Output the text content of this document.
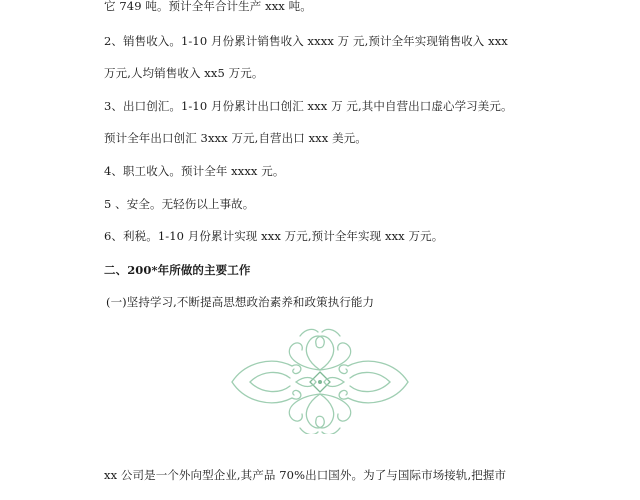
它 749 吨。预计全年合计生产 xxx 吨。
2、销售收入。1-10 月份累计销售收入 xxxx 万 元,预计全年实现销售收入 xxx
万元,人均销售收入 xx5 万元。
3、出口创汇。1-10 月份累计出口创汇 xxx 万 元,其中自营出口虚心学习美元。
预计全年出口创汇 3xxx 万元,自营出口 xxx 美元。
4、职工收入。预计全年 xxxx 元。
5 、安全。无轻伤以上事故。
6、利税。1-10 月份累计实现 xxx 万元,预计全年实现 xxx 万元。
二、200*年所做的主要工作
(一)坚持学习,不断提高思想政治素养和政策执行能力
xx 公司是一个外向型企业,其产品 70%出口国外。为了与国际市场接轨,把握市
